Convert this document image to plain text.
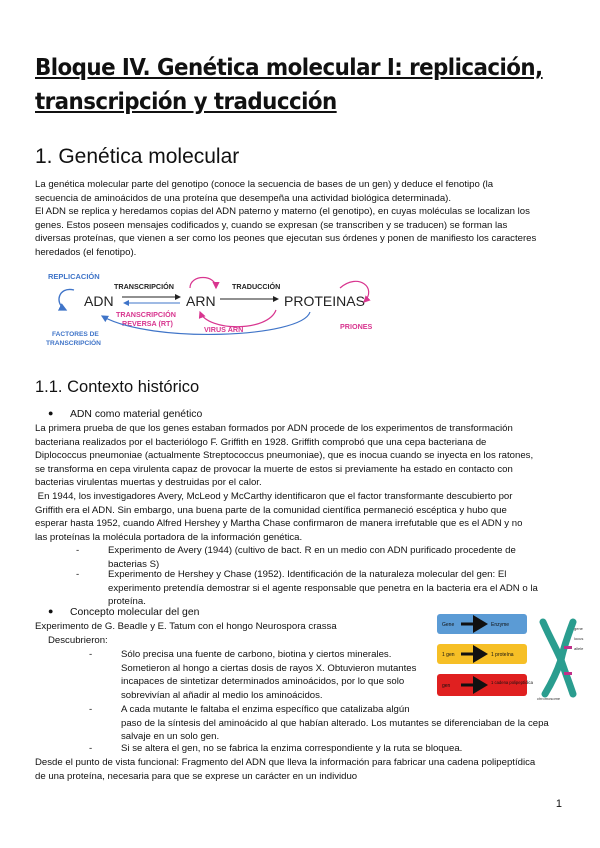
Bloque IV. Genética molecular I: replicación,
transcripción y traducción
1. Genética molecular
La genética molecular parte del genotipo (conoce la secuencia de bases de un gen) y deduce el fenotipo (la
secuencia de aminoácidos de una proteína que desempeña una actividad biológica determinada).
El ADN se replica y heredamos copias del ADN paterno y materno (el genotipo), en cuyas moléculas se localizan los
genes. Estos poseen mensajes codificados y, cuando se expresan (se transcriben y se traducen) se forman las
diversas proteínas, que vienen a ser como los peones que ejecutan sus órdenes y ponen de manifiesto los caracteres
heredados (el fenotipo).
REPLICACIÓN
ADN	ARN	PROTEINAS
TRANSCRIPCIÓN
TRANSCRIPCIÓN
REVERSA (RT)
TRADUCCIÓN
VIRUS ARN	PRIONES
FACTORES DE
TRANSCRIPCIÓN
1.1. Contexto histórico
● ADN como material genético
La primera prueba de que los genes estaban formados por ADN procede de los experimentos de transformación
bacteriana realizados por el bacteriólogo F. Griffith en 1928. Griffith comprobó que una cepa bacteriana de
Diplococcus pneumoniae (actualmente Streptococcus pneumoniae), que es inocua cuando se inyecta en los ratones,
se transforma en cepa virulenta capaz de provocar la muerte de estos si previamente ha estado en contacto con
bacterias virulentas muertas y destruidas por el calor.
En 1944, los investigadores Avery, McLeod y McCarthy identificaron que el factor transformante descubierto por
Griffith era el ADN. Sin embargo, una buena parte de la comunidad científica permaneció escéptica y hubo que
esperar hasta 1952, cuando Alfred Hershey y Martha Chase confirmaron de manera irrefutable que es el ADN y no
las proteínas la molécula portadora de la información genética.
-	Experimento de Avery (1944) (cultivo de bact. R en un medio con ADN purificado procedente de
bacterias S)
-	Experimento de Hershey y Chase (1952). Identificación de la naturaleza molecular del gen: El
experimento pretendía demostrar si el agente responsable que penetra en la bacteria era el ADN o la
proteína.
● Concepto molecular del gen
Experimento de G. Beadle y E. Tatum con el hongo Neurospora crassa
Descubrieron:
-	Sólo precisa una fuente de carbono, biotina y ciertos minerales.
Sometieron al hongo a ciertas dosis de rayos X. Obtuvieron mutantes
incapaces de sintetizar determinados aminoácidos, por lo que solo
sobrevivían al añadir al medio los aminoácidos.
-	A cada mutante le faltaba el enzima específico que catalizaba algún
paso de la síntesis del aminoácido al que habían alterado. Los mutantes se diferenciaban de la cepa
salvaje en un solo gen.
-	Si se altera el gen, no se fabrica la enzima correspondiente y la ruta se bloquea.
Desde el punto de vista funcional: Fragmento del ADN que lleva la información para fabricar una cadena polipeptídica
de una proteína, necesaria para que se exprese un carácter en un individuo
Gene	Enzyme
1 gen	1 proteína
gen
1 cadena polipeptídica
gene
locus
allele
chromosome
1
